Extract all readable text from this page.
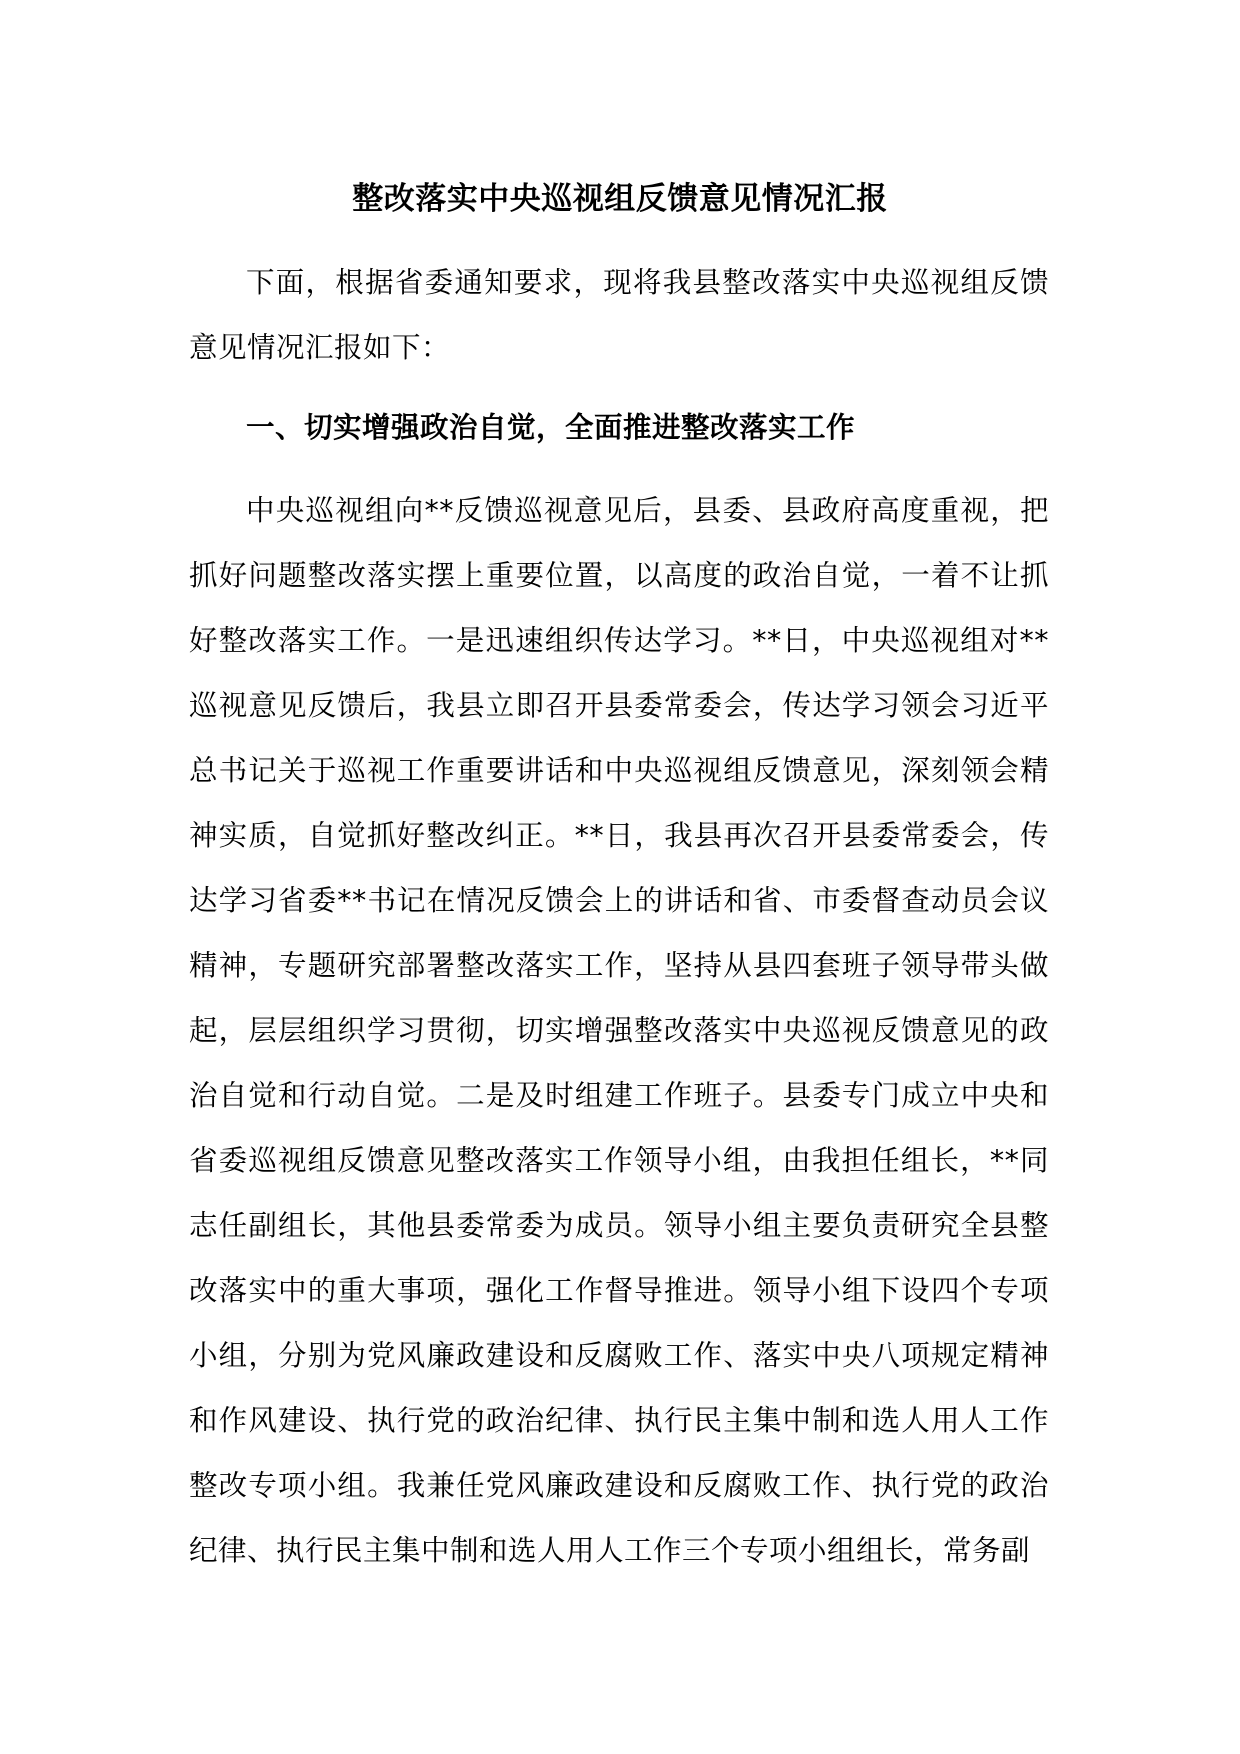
整改落实中央巡视组反馈意见情况汇报

下面，根据省委通知要求，现将我县整改落实中央巡视组反馈意见情况汇报如下：

一、切实增强政治自觉，全面推进整改落实工作

中央巡视组向**反馈巡视意见后，县委、县政府高度重视，把抓好问题整改落实摆上重要位置，以高度的政治自觉，一着不让抓好整改落实工作。一是迅速组织传达学习。**日，中央巡视组对**巡视意见反馈后，我县立即召开县委常委会，传达学习领会习近平总书记关于巡视工作重要讲话和中央巡视组反馈意见，深刻领会精神实质，自觉抓好整改纠正。**日，我县再次召开县委常委会，传达学习省委**书记在情况反馈会上的讲话和省、市委督查动员会议精神，专题研究部署整改落实工作，坚持从县四套班子领导带头做起，层层组织学习贯彻，切实增强整改落实中央巡视反馈意见的政治自觉和行动自觉。二是及时组建工作班子。县委专门成立中央和省委巡视组反馈意见整改落实工作领导小组，由我担任组长，**同志任副组长，其他县委常委为成员。领导小组主要负责研究全县整改落实中的重大事项，强化工作督导推进。领导小组下设四个专项小组，分别为党风廉政建设和反腐败工作、落实中央八项规定精神和作风建设、执行党的政治纪律、执行民主集中制和选人用人工作整改专项小组。我兼任党风廉政建设和反腐败工作、执行党的政治纪律、执行民主集中制和选人用人工作三个专项小组组长，常务副
